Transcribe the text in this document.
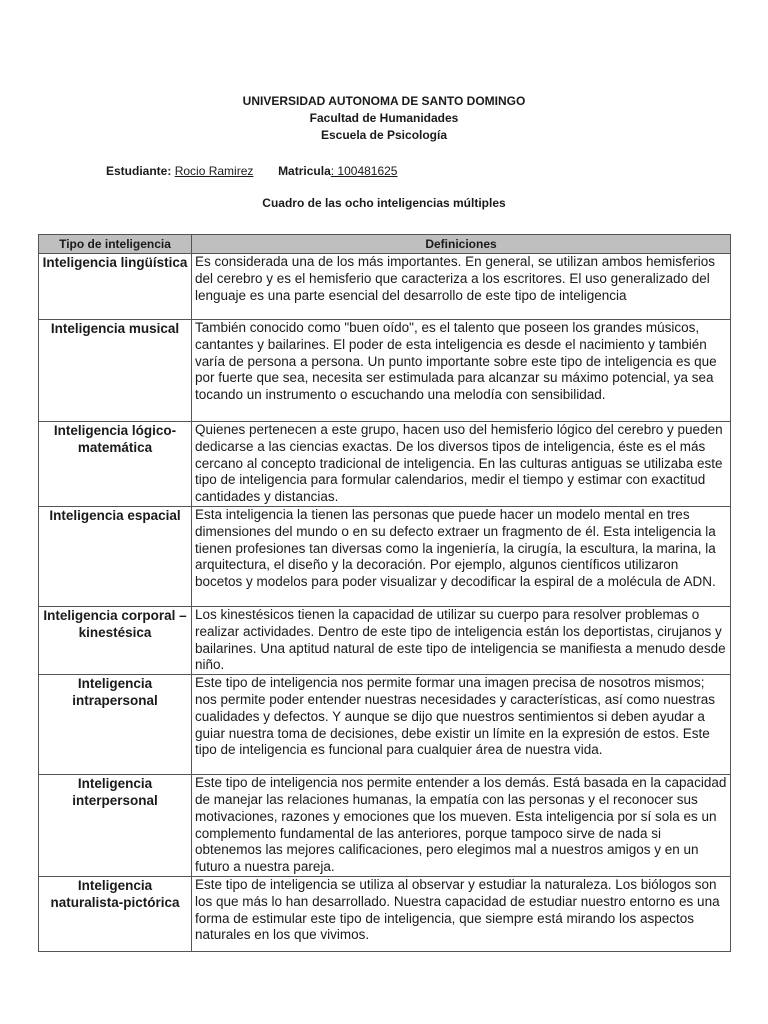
UNIVERSIDAD AUTONOMA DE SANTO DOMINGO
Facultad de Humanidades
Escuela de Psicología
Estudiante: Rocio Ramirez Matricula: 100481625
Cuadro de las ocho inteligencias múltiples
Tipo de inteligencia	Definiciones
Inteligencia lingüística	Es considerada una de los más importantes. En general, se utilizan ambos hemisferios del cerebro y es el hemisferio que caracteriza a los escritores. El uso generalizado del lenguaje es una parte esencial del desarrollo de este tipo de inteligencia
Inteligencia musical	También conocido como "buen oído", es el talento que poseen los grandes músicos, cantantes y bailarines. El poder de esta inteligencia es desde el nacimiento y también varía de persona a persona. Un punto importante sobre este tipo de inteligencia es que por fuerte que sea, necesita ser estimulada para alcanzar su máximo potencial, ya sea tocando un instrumento o escuchando una melodía con sensibilidad.
Inteligencia lógico-matemática	Quienes pertenecen a este grupo, hacen uso del hemisferio lógico del cerebro y pueden dedicarse a las ciencias exactas. De los diversos tipos de inteligencia, éste es el más cercano al concepto tradicional de inteligencia. En las culturas antiguas se utilizaba este tipo de inteligencia para formular calendarios, medir el tiempo y estimar con exactitud cantidades y distancias.
Inteligencia espacial	Esta inteligencia la tienen las personas que puede hacer un modelo mental en tres dimensiones del mundo o en su defecto extraer un fragmento de él. Esta inteligencia la tienen profesiones tan diversas como la ingeniería, la cirugía, la escultura, la marina, la arquitectura, el diseño y la decoración. Por ejemplo, algunos científicos utilizaron bocetos y modelos para poder visualizar y decodificar la espiral de a molécula de ADN.
Inteligencia corporal – kinestésica	Los kinestésicos tienen la capacidad de utilizar su cuerpo para resolver problemas o realizar actividades. Dentro de este tipo de inteligencia están los deportistas, cirujanos y bailarines. Una aptitud natural de este tipo de inteligencia se manifiesta a menudo desde niño.
Inteligencia intrapersonal	Este tipo de inteligencia nos permite formar una imagen precisa de nosotros mismos; nos permite poder entender nuestras necesidades y características, así como nuestras cualidades y defectos. Y aunque se dijo que nuestros sentimientos si deben ayudar a guiar nuestra toma de decisiones, debe existir un límite en la expresión de estos. Este tipo de inteligencia es funcional para cualquier área de nuestra vida.
Inteligencia interpersonal	Este tipo de inteligencia nos permite entender a los demás. Está basada en la capacidad de manejar las relaciones humanas, la empatía con las personas y el reconocer sus motivaciones, razones y emociones que los mueven. Esta inteligencia por sí sola es un complemento fundamental de las anteriores, porque tampoco sirve de nada si obtenemos las mejores calificaciones, pero elegimos mal a nuestros amigos y en un futuro a nuestra pareja.
Inteligencia naturalista-pictórica	Este tipo de inteligencia se utiliza al observar y estudiar la naturaleza. Los biólogos son los que más lo han desarrollado. Nuestra capacidad de estudiar nuestro entorno es una forma de estimular este tipo de inteligencia, que siempre está mirando los aspectos naturales en los que vivimos.
